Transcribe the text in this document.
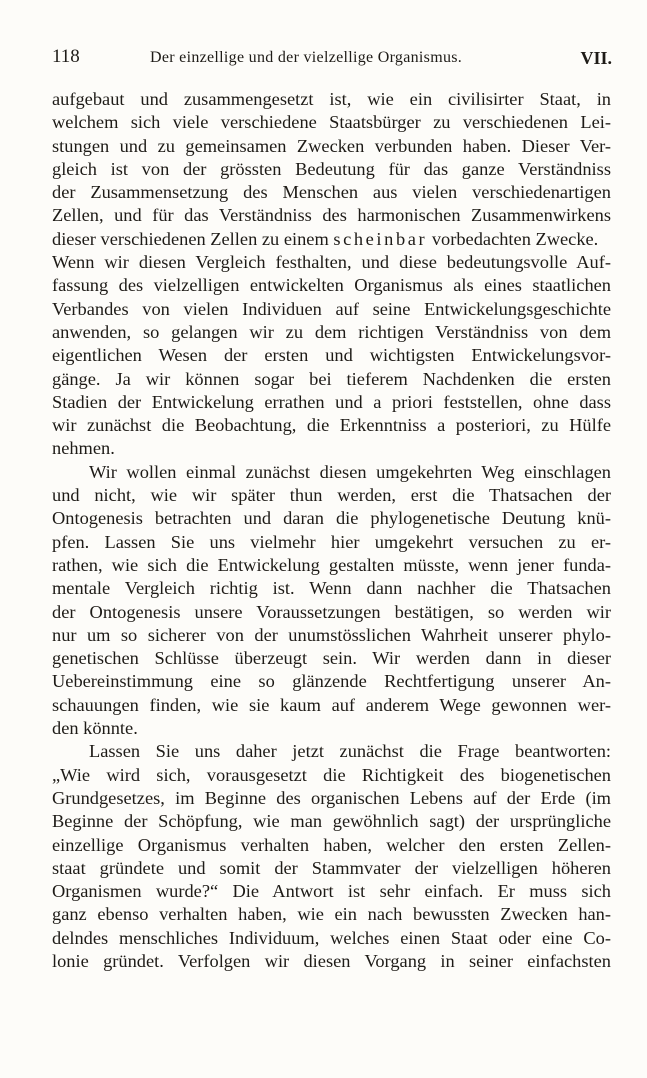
118	Der einzellige und der vielzellige Organismus.	VII.
aufgebaut und zusammengesetzt ist, wie ein civilisirter Staat, in
welchem sich viele verschiedene Staatsbürger zu verschiedenen Lei-
stungen und zu gemeinsamen Zwecken verbunden haben. Dieser Ver-
gleich ist von der grössten Bedeutung für das ganze Verständniss
der Zusammensetzung des Menschen aus vielen verschiedenartigen
Zellen, und für das Verständniss des harmonischen Zusammenwirkens
dieser verschiedenen Zellen zu einem scheinbar vorbedachten Zwecke.
Wenn wir diesen Vergleich festhalten, und diese bedeutungsvolle Auf-
fassung des vielzelligen entwickelten Organismus als eines staatlichen
Verbandes von vielen Individuen auf seine Entwickelungsgeschichte
anwenden, so gelangen wir zu dem richtigen Verständniss von dem
eigentlichen Wesen der ersten und wichtigsten Entwickelungsvor-
gänge. Ja wir können sogar bei tieferem Nachdenken die ersten
Stadien der Entwickelung errathen und a priori feststellen, ohne dass
wir zunächst die Beobachtung, die Erkenntniss a posteriori, zu Hülfe
nehmen.
Wir wollen einmal zunächst diesen umgekehrten Weg einschlagen
und nicht, wie wir später thun werden, erst die Thatsachen der
Ontogenesis betrachten und daran die phylogenetische Deutung knü-
pfen. Lassen Sie uns vielmehr hier umgekehrt versuchen zu er-
rathen, wie sich die Entwickelung gestalten müsste, wenn jener funda-
mentale Vergleich richtig ist. Wenn dann nachher die Thatsachen
der Ontogenesis unsere Voraussetzungen bestätigen, so werden wir
nur um so sicherer von der unumstösslichen Wahrheit unserer phylo-
genetischen Schlüsse überzeugt sein. Wir werden dann in dieser
Uebereinstimmung eine so glänzende Rechtfertigung unserer An-
schauungen finden, wie sie kaum auf anderem Wege gewonnen wer-
den könnte.
Lassen Sie uns daher jetzt zunächst die Frage beantworten:
„Wie wird sich, vorausgesetzt die Richtigkeit des biogenetischen
Grundgesetzes, im Beginne des organischen Lebens auf der Erde (im
Beginne der Schöpfung, wie man gewöhnlich sagt) der ursprüngliche
einzellige Organismus verhalten haben, welcher den ersten Zellen-
staat gründete und somit der Stammvater der vielzelligen höheren
Organismen wurde?“ Die Antwort ist sehr einfach. Er muss sich
ganz ebenso verhalten haben, wie ein nach bewussten Zwecken han-
delndes menschliches Individuum, welches einen Staat oder eine Co-
lonie gründet. Verfolgen wir diesen Vorgang in seiner einfachsten
